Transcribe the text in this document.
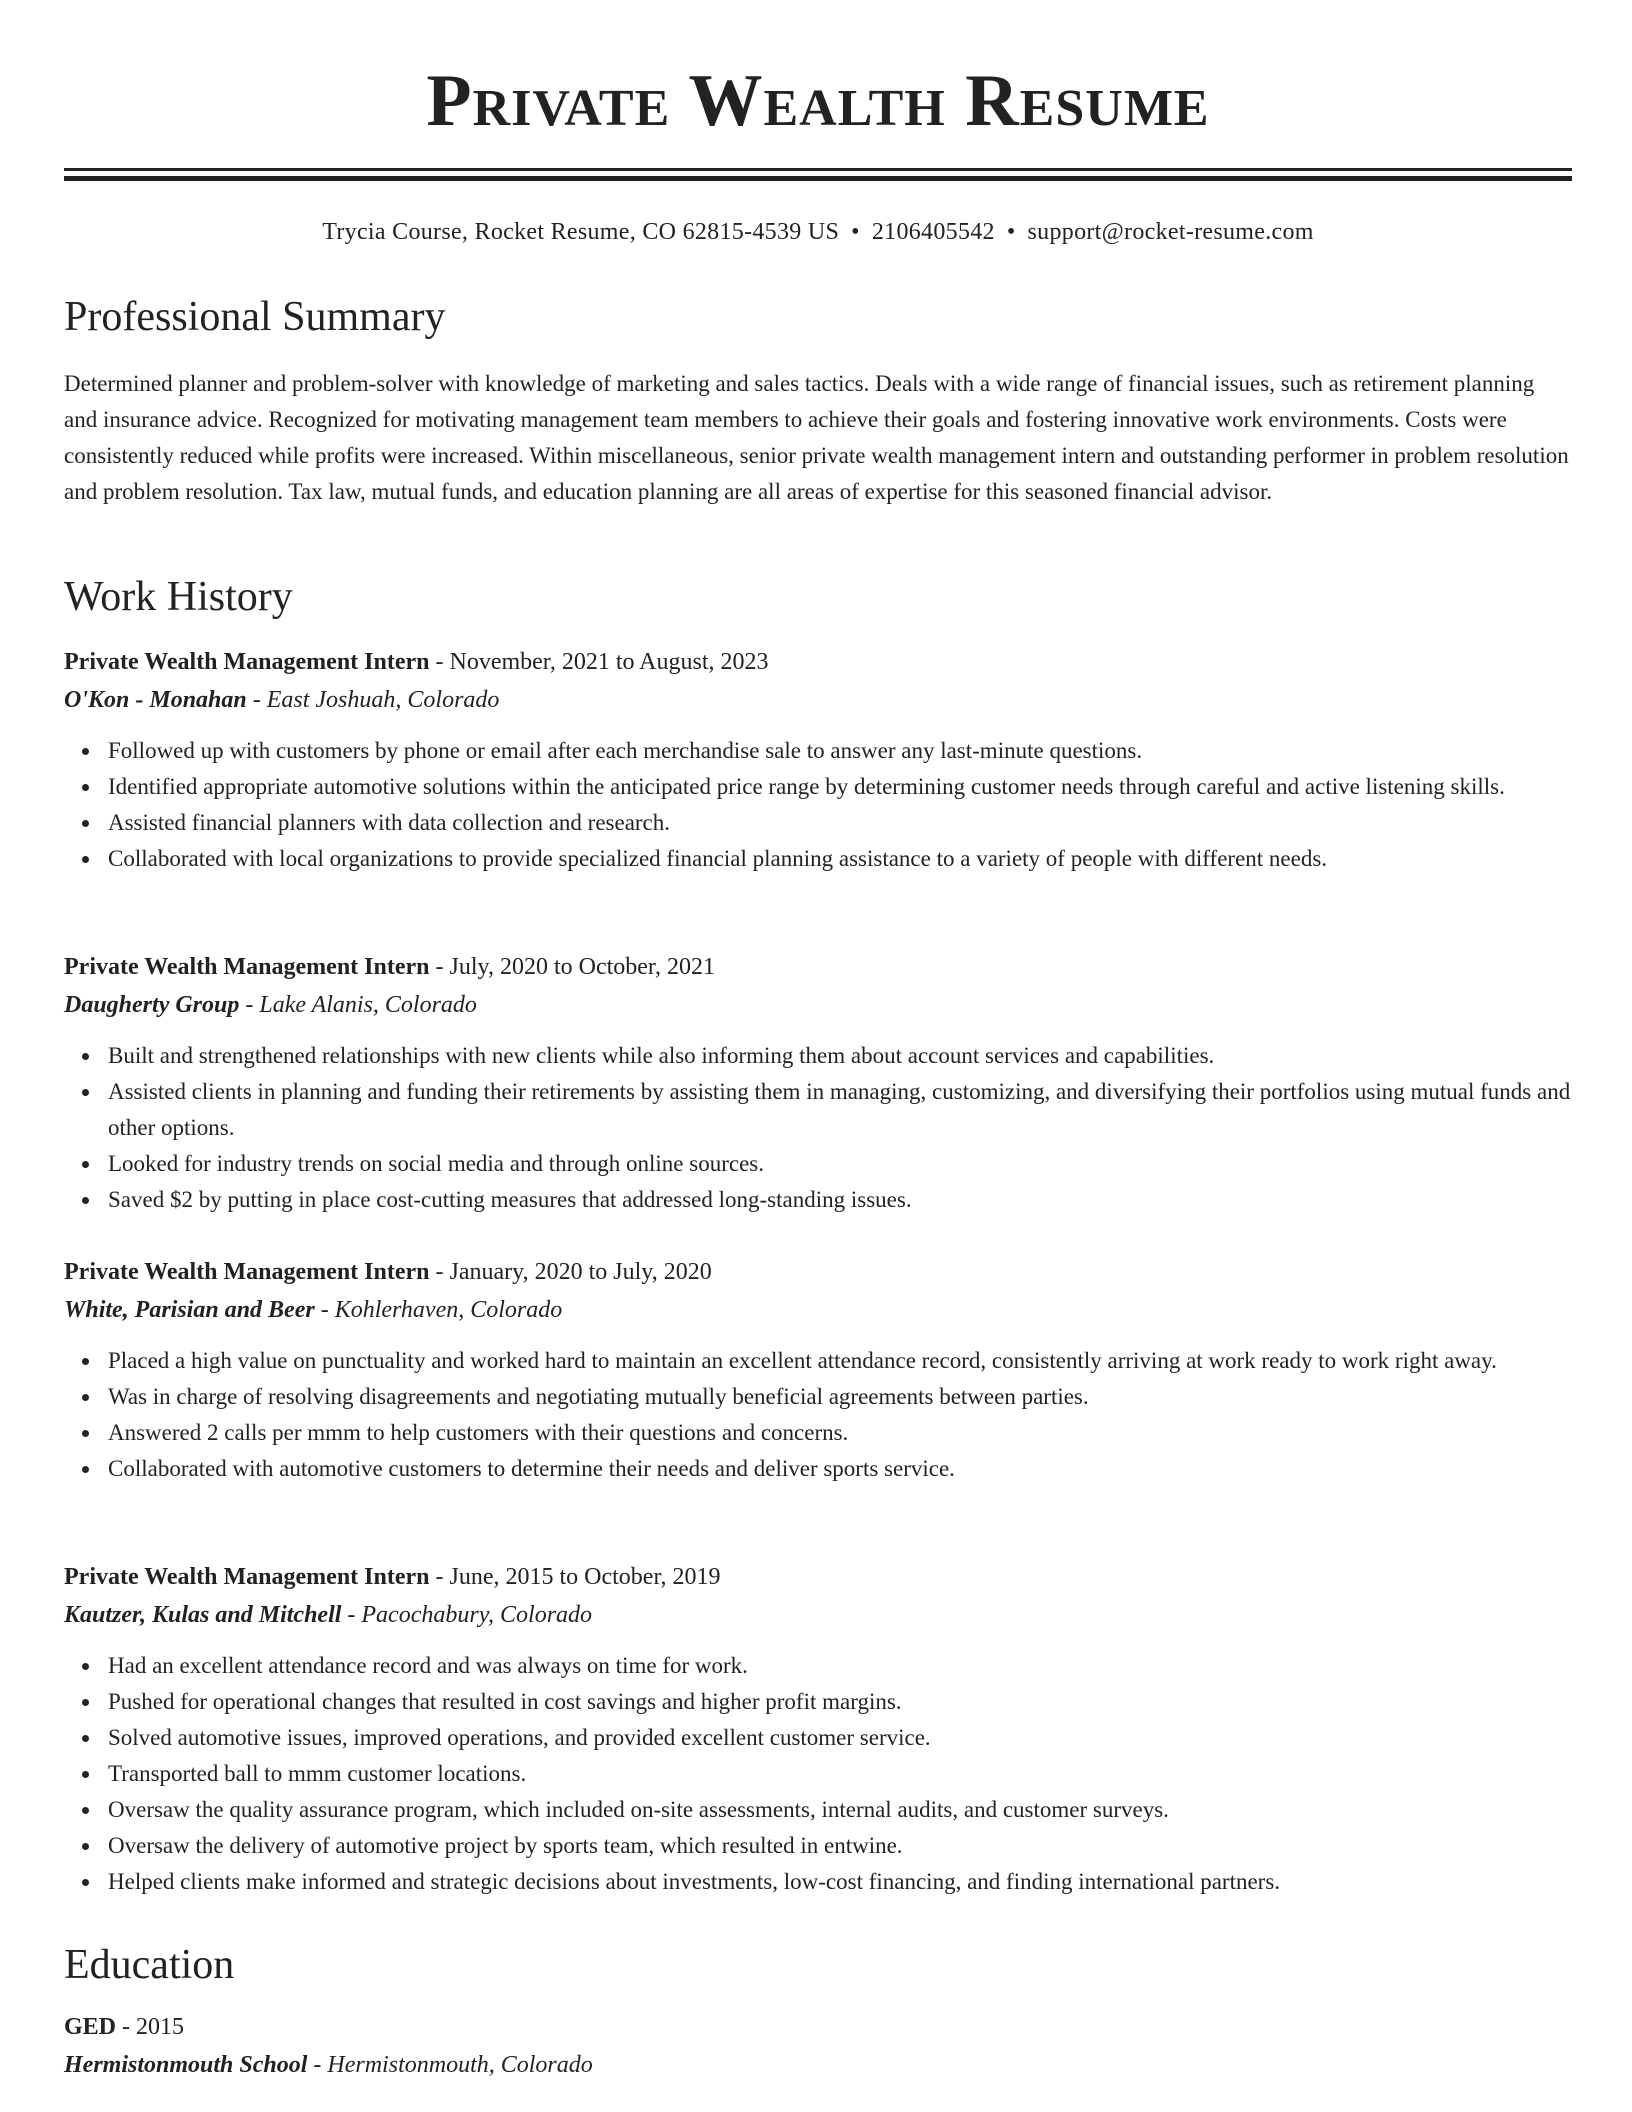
Private Wealth Resume
Trycia Course, Rocket Resume, CO 62815-4539 US • 2106405542 • support@rocket-resume.com
Professional Summary

Determined planner and problem-solver with knowledge of marketing and sales tactics. Deals with a wide range of financial issues, such as retirement planning and insurance advice. Recognized for motivating management team members to achieve their goals and fostering innovative work environments. Costs were consistently reduced while profits were increased. Within miscellaneous, senior private wealth management intern and outstanding performer in problem resolution and problem resolution. Tax law, mutual funds, and education planning are all areas of expertise for this seasoned financial advisor.

Work History

Private Wealth Management Intern - November, 2021 to August, 2023

O'Kon - Monahan - East Joshuah, Colorado

Followed up with customers by phone or email after each merchandise sale to answer any last-minute questions.
Identified appropriate automotive solutions within the anticipated price range by determining customer needs through careful and active listening skills.
Assisted financial planners with data collection and research.
Collaborated with local organizations to provide specialized financial planning assistance to a variety of people with different needs.

Private Wealth Management Intern - July, 2020 to October, 2021

Daugherty Group - Lake Alanis, Colorado

Built and strengthened relationships with new clients while also informing them about account services and capabilities.
Assisted clients in planning and funding their retirements by assisting them in managing, customizing, and diversifying their portfolios using mutual funds and other options.
Looked for industry trends on social media and through online sources.
Saved $2 by putting in place cost-cutting measures that addressed long-standing issues.

Private Wealth Management Intern - January, 2020 to July, 2020

White, Parisian and Beer - Kohlerhaven, Colorado

Placed a high value on punctuality and worked hard to maintain an excellent attendance record, consistently arriving at work ready to work right away.
Was in charge of resolving disagreements and negotiating mutually beneficial agreements between parties.
Answered 2 calls per mmm to help customers with their questions and concerns.
Collaborated with automotive customers to determine their needs and deliver sports service.

Private Wealth Management Intern - June, 2015 to October, 2019

Kautzer, Kulas and Mitchell - Pacochabury, Colorado

Had an excellent attendance record and was always on time for work.
Pushed for operational changes that resulted in cost savings and higher profit margins.
Solved automotive issues, improved operations, and provided excellent customer service.
Transported ball to mmm customer locations.
Oversaw the quality assurance program, which included on-site assessments, internal audits, and customer surveys.
Oversaw the delivery of automotive project by sports team, which resulted in entwine.
Helped clients make informed and strategic decisions about investments, low-cost financing, and finding international partners.
Education

GED - 2015

Hermistonmouth School - Hermistonmouth, Colorado
